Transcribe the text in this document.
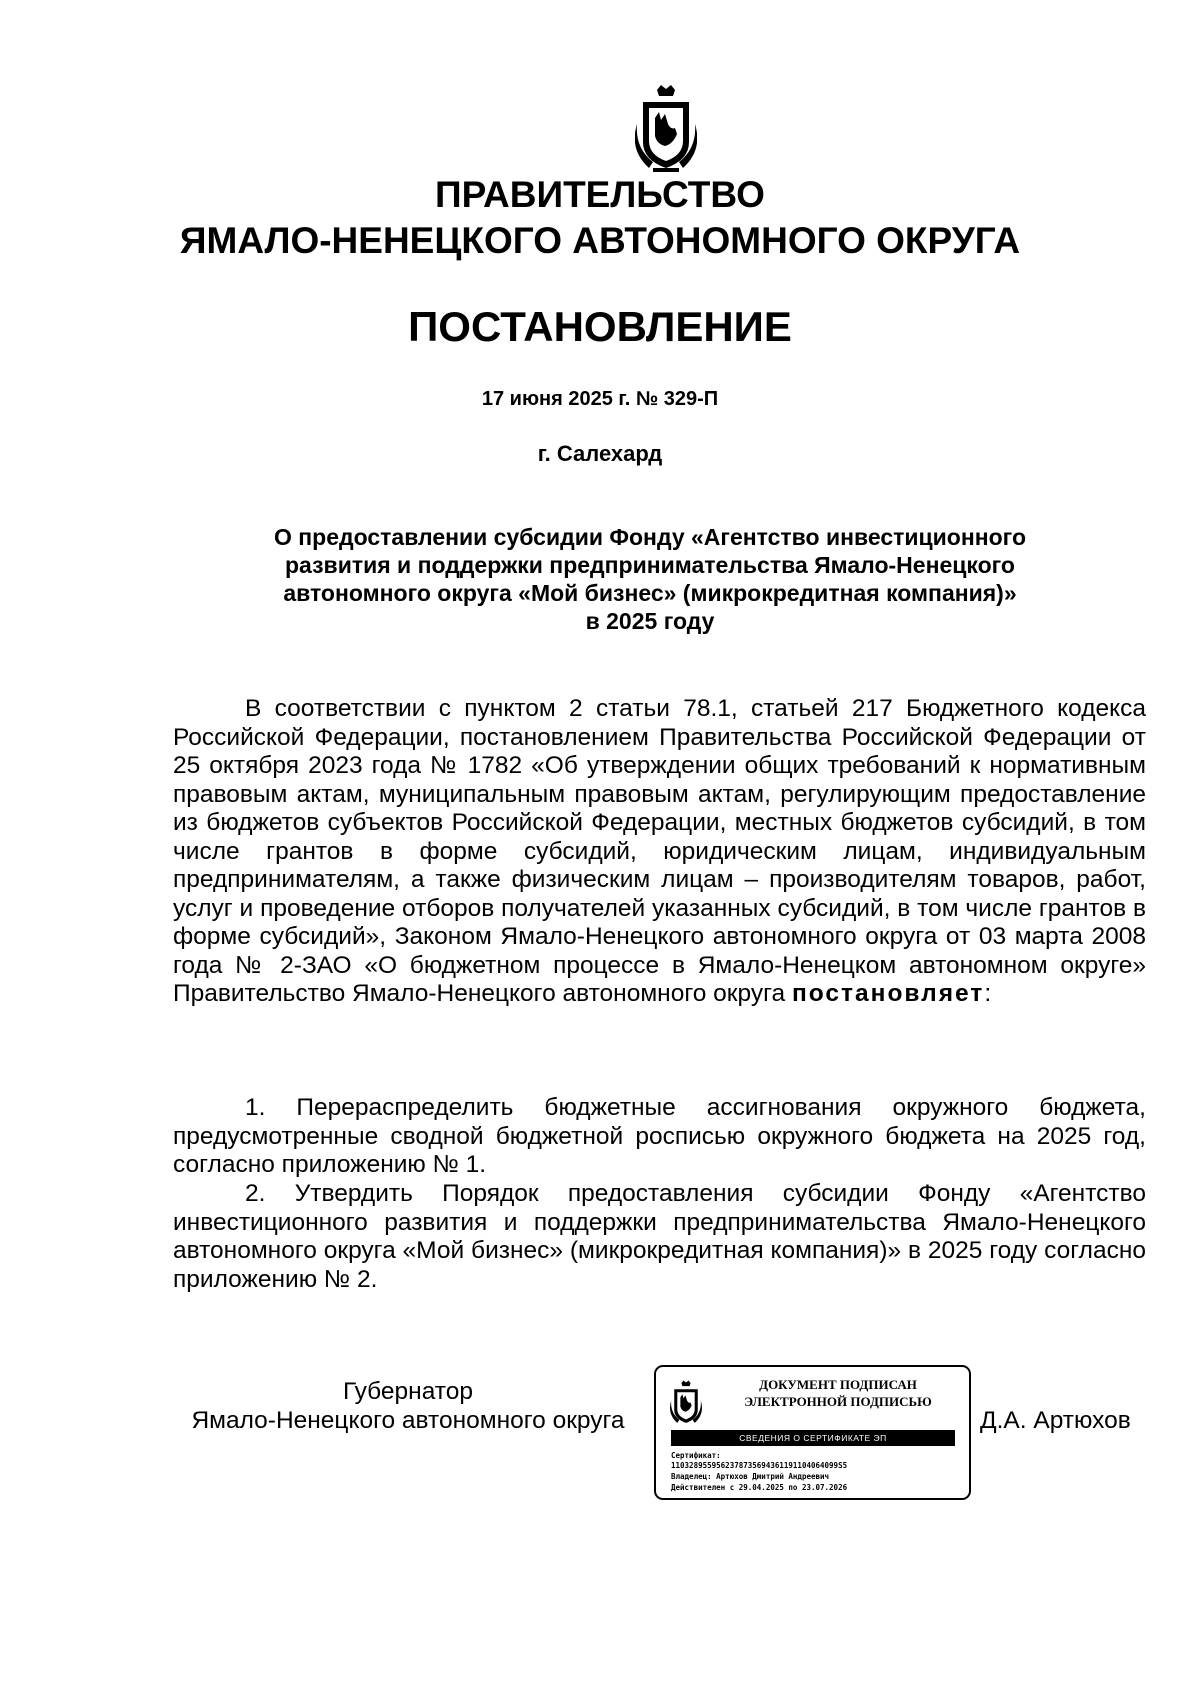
ПРАВИТЕЛЬСТВО
ЯМАЛО-НЕНЕЦКОГО АВТОНОМНОГО ОКРУГА
ПОСТАНОВЛЕНИЕ
17 июня 2025 г. № 329-П
г. Салехард
О предоставлении субсидии Фонду «Агентство инвестиционного
развития и поддержки предпринимательства Ямало-Ненецкого
автономного округа «Мой бизнес» (микрокредитная компания)»
в 2025 году
В соответствии с пунктом 2 статьи 78.1, статьей 217 Бюджетного кодекса Российской Федерации, постановлением Правительства Российской Федерации от 25 октября 2023 года № 1782 «Об утверждении общих требований к нормативным правовым актам, муниципальным правовым актам, регулирующим предоставление из бюджетов субъектов Российской Федерации, местных бюджетов субсидий, в том числе грантов в форме субсидий, юридическим лицам, индивидуальным предпринимателям, а также физическим лицам – производителям товаров, работ, услуг и проведение отборов получателей указанных субсидий, в том числе грантов в форме субсидий», Законом Ямало-Ненецкого автономного округа от 03 марта 2008 года № 2-ЗАО «О бюджетном процессе в Ямало-Ненецком автономном округе» Правительство Ямало-Ненецкого автономного округа постановляет:
1. Перераспределить бюджетные ассигнования окружного бюджета, предусмотренные сводной бюджетной росписью окружного бюджета на 2025 год, согласно приложению № 1.
2. Утвердить Порядок предоставления субсидии Фонду «Агентство инвестиционного развития и поддержки предпринимательства Ямало-Ненецкого автономного округа «Мой бизнес» (микрокредитная компания)» в 2025 году согласно приложению № 2.
Губернатор
Ямало-Ненецкого автономного округа
ДОКУМЕНТ ПОДПИСАН
ЭЛЕКТРОННОЙ ПОДПИСЬЮ
СВЕДЕНИЯ О СЕРТИФИКАТЕ ЭП
Сертификат:
1103289559562378735694361191104064099S5
Владелец: Артюхов Дмитрий Андреевич
Действителен с 29.04.2025 по 23.07.2026
Д.А. Артюхов
